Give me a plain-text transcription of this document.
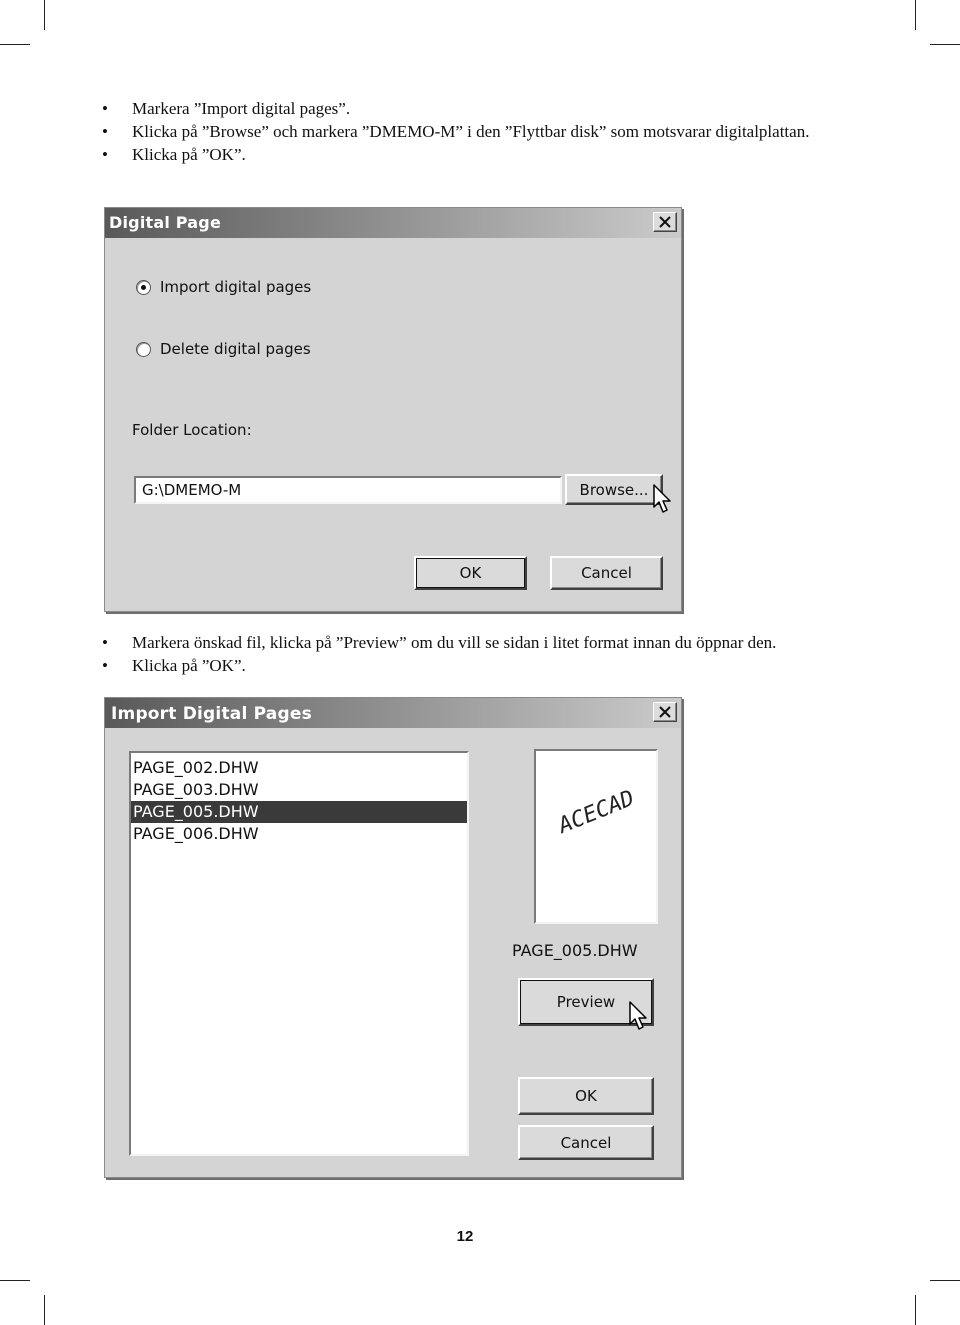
• Markera ”Import digital pages”.
• Klicka på ”Browse” och markera ”DMEMO-M” i den ”Flyttbar disk” som motsvarar digitalplattan.
• Klicka på ”OK”.
Digital Page
Import digital pages
Delete digital pages
Folder Location:
G:\DMEMO-M	Browse...
OK	Cancel
• Markera önskad fil, klicka på ”Preview” om du vill se sidan i litet format innan du öppnar den.
• Klicka på ”OK”.
Import Digital Pages
PAGE_002.DHW
PAGE_003.DHW
PAGE_005.DHW
PAGE_006.DHW	ACECAD
PAGE_005.DHW
Preview
OK
Cancel
12
